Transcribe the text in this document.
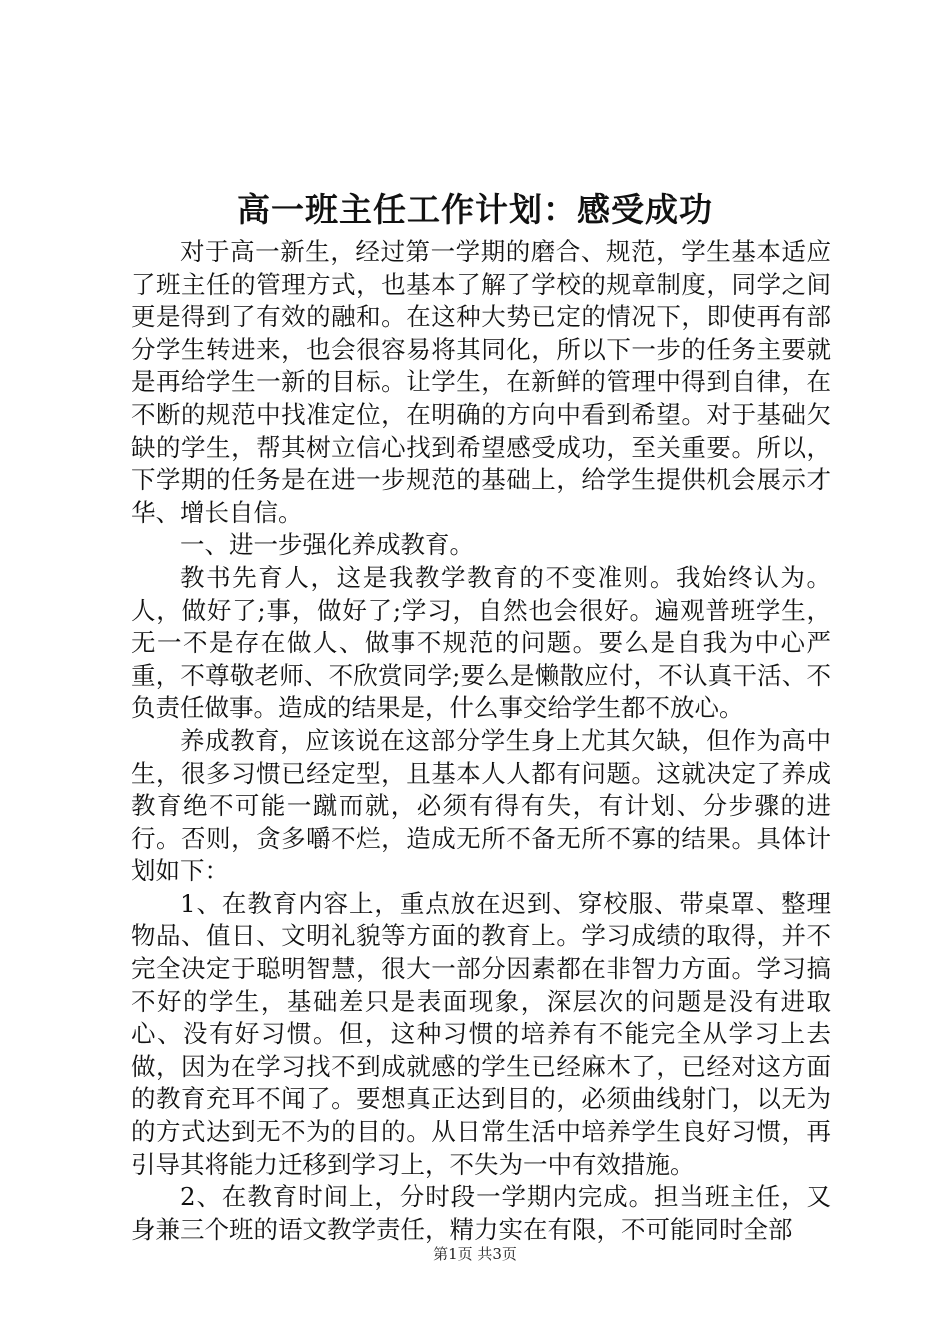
高一班主任工作计划：感受成功

对于高一新生，经过第一学期的磨合、规范，学生基本适应了班主任的管理方式，也基本了解了学校的规章制度，同学之间更是得到了有效的融和。在这种大势已定的情况下，即使再有部分学生转进来，也会很容易将其同化，所以下一步的任务主要就是再给学生一新的目标。让学生，在新鲜的管理中得到自律，在不断的规范中找准定位，在明确的方向中看到希望。对于基础欠缺的学生，帮其树立信心找到希望感受成功，至关重要。所以，下学期的任务是在进一步规范的基础上，给学生提供机会展示才华、增长自信。

一、进一步强化养成教育。

教书先育人，这是我教学教育的不变准则。我始终认为。人，做好了;事，做好了;学习，自然也会很好。遍观普班学生，无一不是存在做人、做事不规范的问题。要么是自我为中心严重，不尊敬老师、不欣赏同学;要么是懒散应付，不认真干活、不负责任做事。造成的结果是，什么事交给学生都不放心。

养成教育，应该说在这部分学生身上尤其欠缺，但作为高中生，很多习惯已经定型，且基本人人都有问题。这就决定了养成教育绝不可能一蹴而就，必须有得有失，有计划、分步骤的进行。否则，贪多嚼不烂，造成无所不备无所不寡的结果。具体计划如下：

1、在教育内容上，重点放在迟到、穿校服、带桌罩、整理物品、值日、文明礼貌等方面的教育上。学习成绩的取得，并不完全决定于聪明智慧，很大一部分因素都在非智力方面。学习搞不好的学生，基础差只是表面现象，深层次的问题是没有进取心、没有好习惯。但，这种习惯的培养有不能完全从学习上去做，因为在学习找不到成就感的学生已经麻木了，已经对这方面的教育充耳不闻了。要想真正达到目的，必须曲线射门，以无为的方式达到无不为的目的。从日常生活中培养学生良好习惯，再引导其将能力迁移到学习上，不失为一中有效措施。

2、在教育时间上，分时段一学期内完成。担当班主任，又身兼三个班的语文教学责任，精力实在有限，不可能同时全部

第1页 共3页
